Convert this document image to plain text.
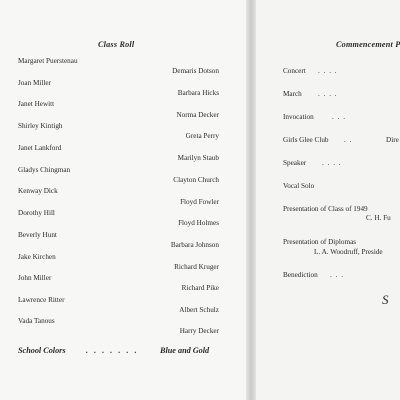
Class Roll
Margaret Puerstenau
Joan Miller
Janet Hewitt
Shirley Kintigh
Janet Lankford
Gladys Chingman
Kenway Dick
Dorothy Hill
Beverly Hunt
Jake Kirchen
John Miller
Lawrence Ritter
Vada Tanous
Demaris Dotson
Barbara Hicks
Norma Decker
Greta Perry
Marilyn Staub
Clayton Church
Floyd Fowler
Floyd Holmes
Barbara Johnson
Richard Kruger
Richard Pike
Albert Schulz
Harry Decker
School Colors . . . . . . .	Blue and Gold
Commencement P
Concert . . . .
March . . . .
Invocation	. . .
Girls Glee Club . .	Dire
Speaker . . . .
Vocal Solo
Presentation of Class of 1949
C. H. Fu
Presentation of Diplomas
L. A. Woodruff, Preside
Benediction . . .
S
